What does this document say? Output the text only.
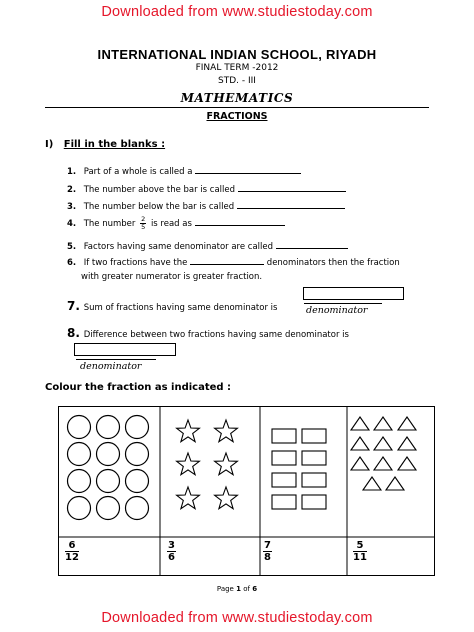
Downloaded from www.studiestoday.com
INTERNATIONAL INDIAN SCHOOL, RIYADH
FINAL TERM -2012
STD. - III
MATHEMATICS
FRACTIONS
I) Fill in the blanks :
1. Part of a whole is called a
2. The number above the bar is called
3. The number below the bar is called
4. The number $\frac{2}{5}$ is read as
5. Factors having same denominator are called
6. If two fractions have the	denominators then the fraction
with greater numerator is greater fraction.
7. Sum of fractions having same denominator is	denominator
8. Difference between two fractions having same denominator is
denominator
Colour the fraction as indicated :
$\frac{6}{12}$	$\frac{3}{6}$	$\frac{7}{8}$	$\frac{5}{11}$
Page 1 of 6
Downloaded from www.studiestoday.com
